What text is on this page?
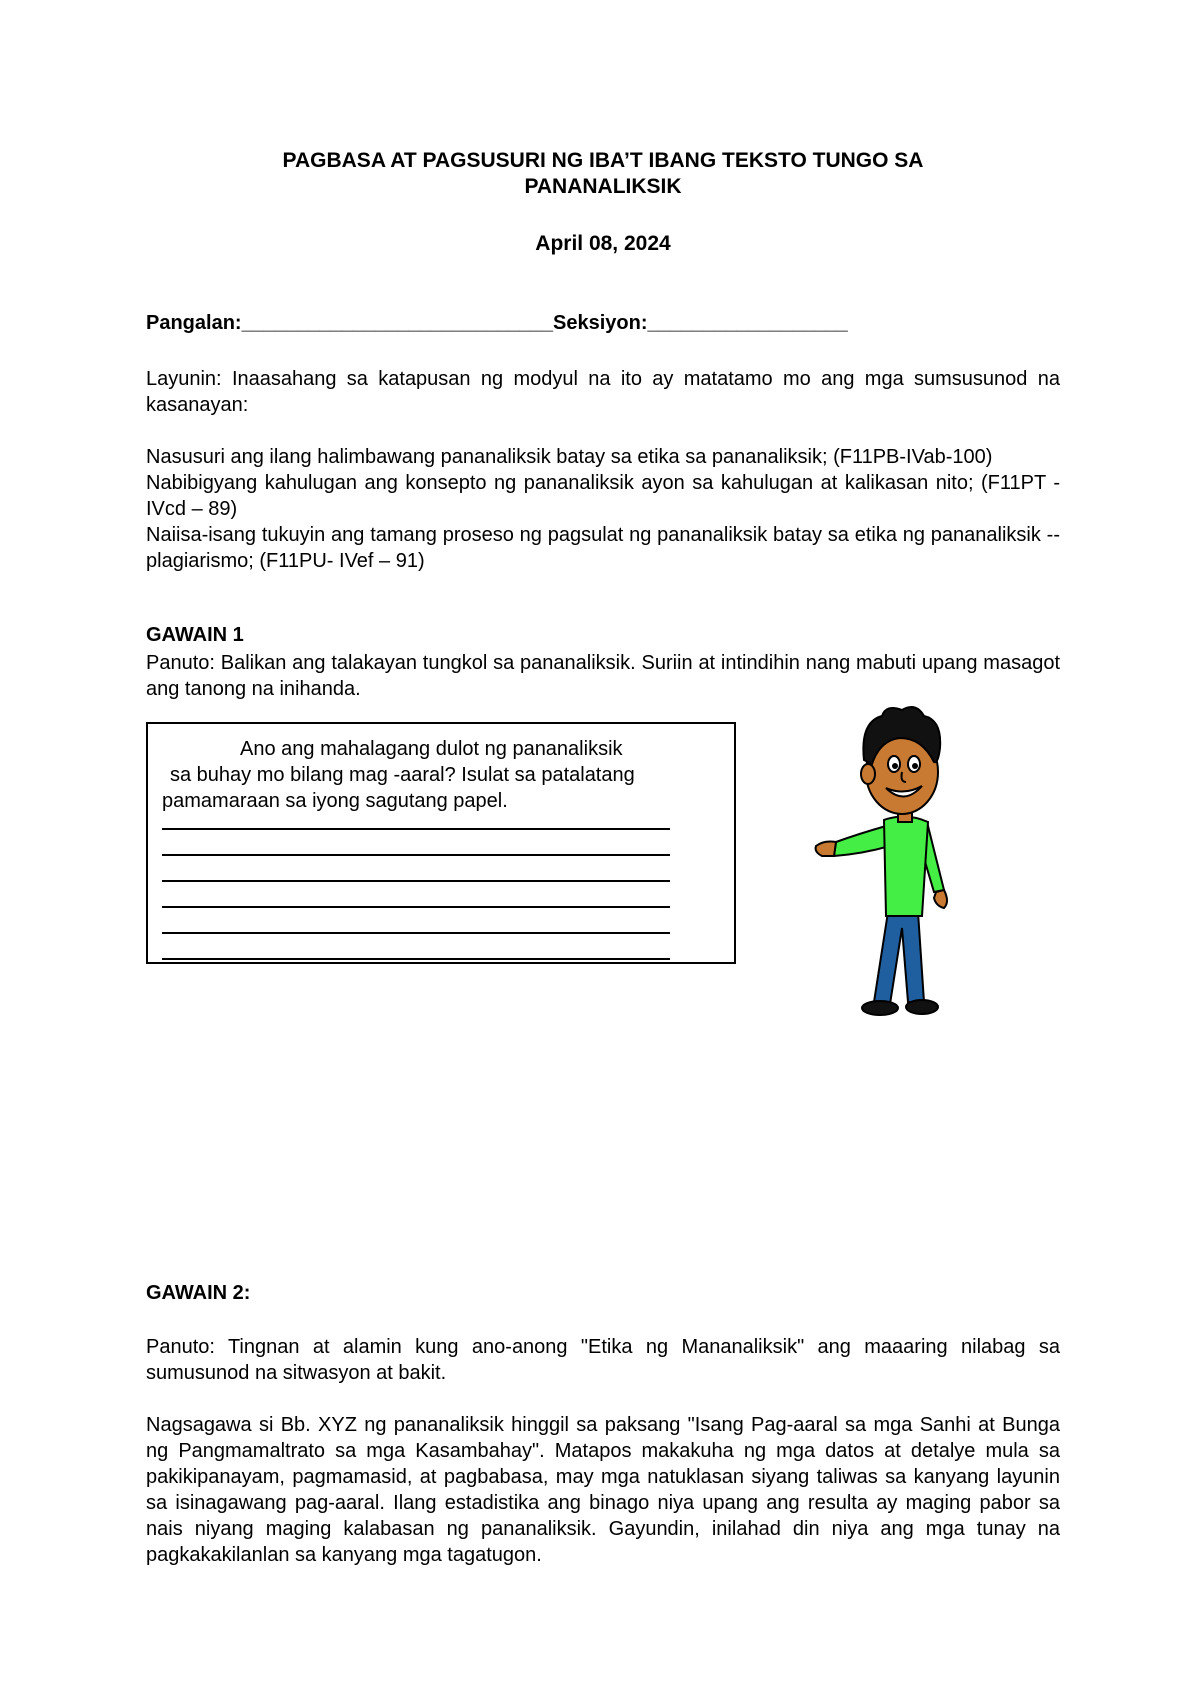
PAGBASA AT PAGSUSURI NG IBA’T IBANG TEKSTO TUNGO SA
PANANALIKSIK
April 08, 2024
Pangalan:____________________________Seksiyon:__________________
Layunin: Inaasahang sa katapusan ng modyul na ito ay matatamo mo ang mga sumsusunod na kasanayan:
Nasusuri ang ilang halimbawang pananaliksik batay sa etika sa pananaliksik; (F11PB-IVab-100)
Nabibigyang kahulugan ang konsepto ng pananaliksik ayon sa kahulugan at kalikasan nito; (F11PT - IVcd – 89)
Naiisa-isang tukuyin ang tamang proseso ng pagsulat ng pananaliksik batay sa etika ng pananaliksik -- plagiarismo; (F11PU- IVef – 91)
GAWAIN 1
Panuto: Balikan ang talakayan tungkol sa pananaliksik. Suriin at intindihin nang mabuti upang masagot ang tanong na inihanda.
Ano ang mahalagang dulot ng pananaliksik
sa buhay mo bilang mag -aaral? Isulat sa patalatang
pamamaraan sa iyong sagutang papel.
GAWAIN 2:
Panuto: Tingnan at alamin kung ano-anong "Etika ng Mananaliksik" ang maaaring nilabag sa sumusunod na sitwasyon at bakit.
Nagsagawa si Bb. XYZ ng pananaliksik hinggil sa paksang "Isang Pag-aaral sa mga Sanhi at Bunga ng Pangmamaltrato sa mga Kasambahay". Matapos makakuha ng mga datos at detalye mula sa pakikipanayam, pagmamasid, at pagbabasa, may mga natuklasan siyang taliwas sa kanyang layunin sa isinagawang pag-aaral. Ilang estadistika ang binago niya upang ang resulta ay maging pabor sa nais niyang maging kalabasan ng pananaliksik. Gayundin, inilahad din niya ang mga tunay na pagkakakilanlan sa kanyang mga tagatugon.
